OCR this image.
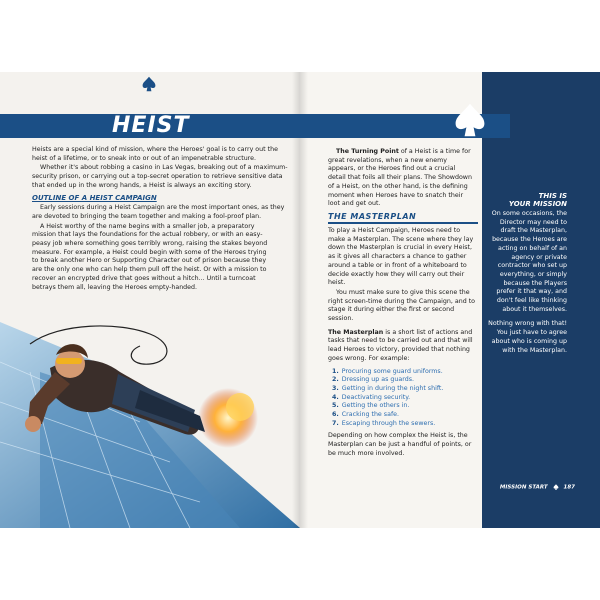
HEIST

Heists are a special kind of mission, where the Heroes' goal is to carry out the heist of a lifetime, or to sneak into or out of an impenetrable structure.

Whether it's about robbing a casino in Las Vegas, breaking out of a maximum-security prison, or carrying out a top-secret operation to retrieve sensitive data that ended up in the wrong hands, a Heist is always an exciting story.

OUTLINE OF A HEIST CAMPAIGN

Early sessions during a Heist Campaign are the most important ones, as they are devoted to bringing the team together and making a fool-proof plan.

A Heist worthy of the name begins with a smaller job, a preparatory mission that lays the foundations for the actual robbery, or with an easy-peasy job where something goes terribly wrong, raising the stakes beyond measure. For example, a Heist could begin with some of the Heroes trying to break another Hero or Supporting Character out of prison because they are the only one who can help them pull off the heist. Or with a mission to recover an encrypted drive that goes without a hitch... Until a turncoat betrays them all, leaving the Heroes empty-handed.

The Turning Point of a Heist is a time for great revelations, when a new enemy appears, or the Heroes find out a crucial detail that foils all their plans. The Showdown of a Heist, on the other hand, is the defining moment when Heroes have to snatch their loot and get out.

THE MASTERPLAN

To play a Heist Campaign, Heroes need to make a Masterplan. The scene where they lay down the Masterplan is crucial in every Heist, as it gives all characters a chance to gather around a table or in front of a whiteboard to decide exactly how they will carry out their heist.

You must make sure to give this scene the right screen-time during the Campaign, and to stage it during either the first or second session.

The Masterplan is a short list of actions and tasks that need to be carried out and that will lead Heroes to victory, provided that nothing goes wrong. For example:

1. Procuring some guard uniforms.
2. Dressing up as guards.
3. Getting in during the night shift.
4. Deactivating security.
5. Getting the others in.
6. Cracking the safe.
7. Escaping through the sewers.

Depending on how complex the Heist is, the Masterplan can be just a handful of points, or be much more involved.

THIS IS
YOUR MISSION

On some occasions, the Director may need to draft the Masterplan, because the Heroes are acting on behalf of an agency or private contractor who set up everything, or simply because the Players prefer it that way, and don't feel like thinking about it themselves.

Nothing wrong with that! You just have to agree about who is coming up with the Masterplan.

MISSION START	187
